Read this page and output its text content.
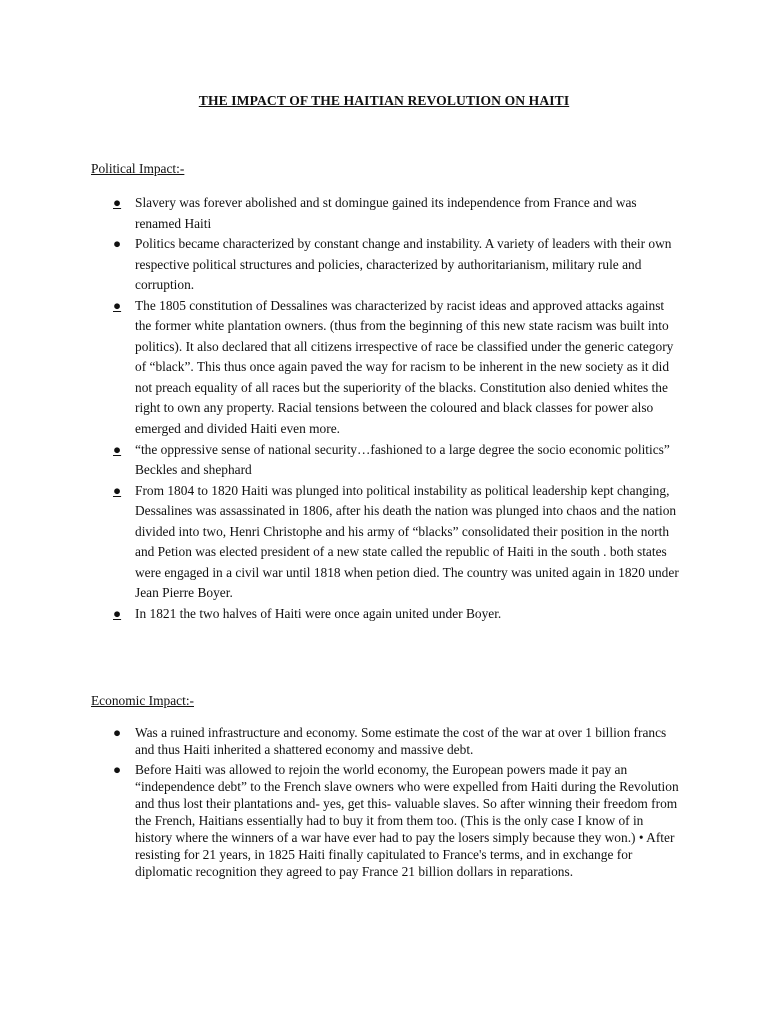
THE IMPACT OF THE HAITIAN REVOLUTION ON HAITI
Political Impact:-
●	Slavery was forever abolished and st domingue gained its independence from France and was renamed Haiti
●	Politics became characterized by constant change and instability. A variety of leaders with their own respective political structures and policies, characterized by authoritarianism, military rule and corruption.
●	The 1805 constitution of Dessalines was characterized by racist ideas and approved attacks against the former white plantation owners. (thus from the beginning of this new state racism was built into politics). It also declared that all citizens irrespective of race be classified under the generic category of “black”. This thus once again paved the way for racism to be inherent in the new society as it did not preach equality of all races but the superiority of the blacks. Constitution also denied whites the right to own any property. Racial tensions between the coloured and black classes for power also emerged and divided Haiti even more.
●	“the oppressive sense of national security…fashioned to a large degree the socio economic politics” Beckles and shephard
●	From 1804 to 1820 Haiti was plunged into political instability as political leadership kept changing, Dessalines was assassinated in 1806, after his death the nation was plunged into chaos and the nation divided into two, Henri Christophe and his army of “blacks” consolidated their position in the north and Petion was elected president of a new state called the republic of Haiti in the south . both states were engaged in a civil war until 1818 when petion died. The country was united again in 1820 under Jean Pierre Boyer.
●	In 1821 the two halves of Haiti were once again united under Boyer.
Economic Impact:-
●	Was a ruined infrastructure and economy. Some estimate the cost of the war at over 1 billion francs and thus Haiti inherited a shattered economy and massive debt.
●	Before Haiti was allowed to rejoin the world economy, the European powers made it pay an “independence debt” to the French slave owners who were expelled from Haiti during the Revolution and thus lost their plantations and- yes, get this- valuable slaves. So after winning their freedom from the French, Haitians essentially had to buy it from them too. (This is the only case I know of in history where the winners of a war have ever had to pay the losers simply because they won.) • After resisting for 21 years, in 1825 Haiti finally capitulated to France's terms, and in exchange for diplomatic recognition they agreed to pay France 21 billion dollars in reparations.
